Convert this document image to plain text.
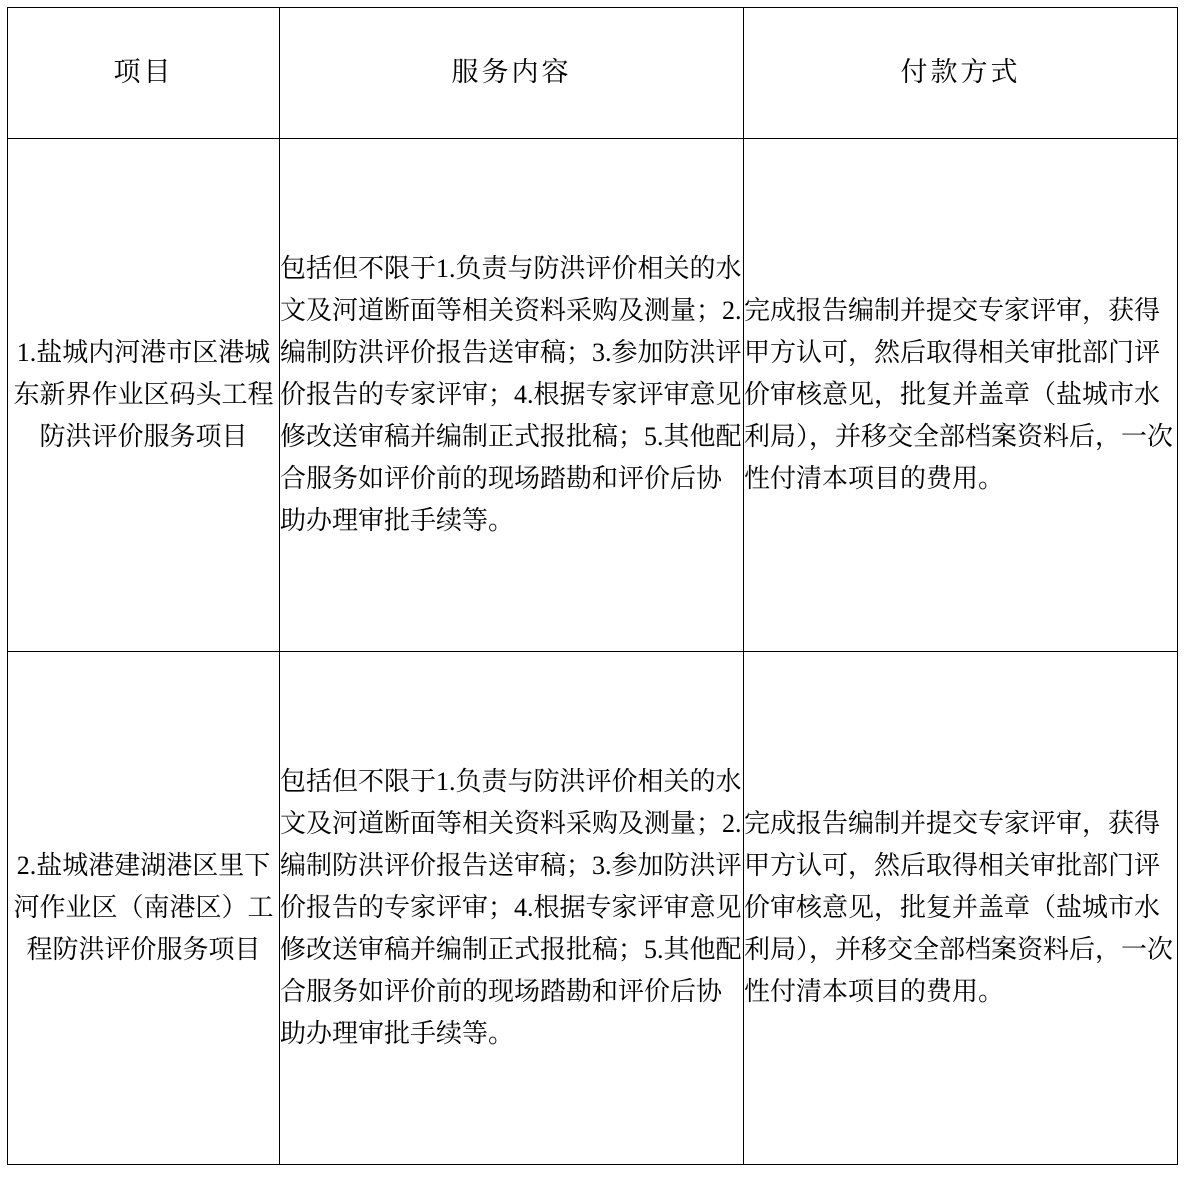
项目	服务内容	付款方式

1.盐城内河港市区港城东新界作业区码头工程防洪评价服务项目	包括但不限于1.负责与防洪评价相关的水文及河道断面等相关资料采购及测量；2.编制防洪评价报告送审稿；3.参加防洪评价报告的专家评审；4.根据专家评审意见修改送审稿并编制正式报批稿；5.其他配合服务如评价前的现场踏勘和评价后协助办理审批手续等。	完成报告编制并提交专家评审，获得甲方认可，然后取得相关审批部门评价审核意见，批复并盖章（盐城市水利局），并移交全部档案资料后，一次性付清本项目的费用。

2.盐城港建湖港区里下河作业区（南港区）工程防洪评价服务项目	包括但不限于1.负责与防洪评价相关的水文及河道断面等相关资料采购及测量；2.编制防洪评价报告送审稿；3.参加防洪评价报告的专家评审；4.根据专家评审意见修改送审稿并编制正式报批稿；5.其他配合服务如评价前的现场踏勘和评价后协助办理审批手续等。	完成报告编制并提交专家评审，获得甲方认可，然后取得相关审批部门评价审核意见，批复并盖章（盐城市水利局），并移交全部档案资料后，一次性付清本项目的费用。
